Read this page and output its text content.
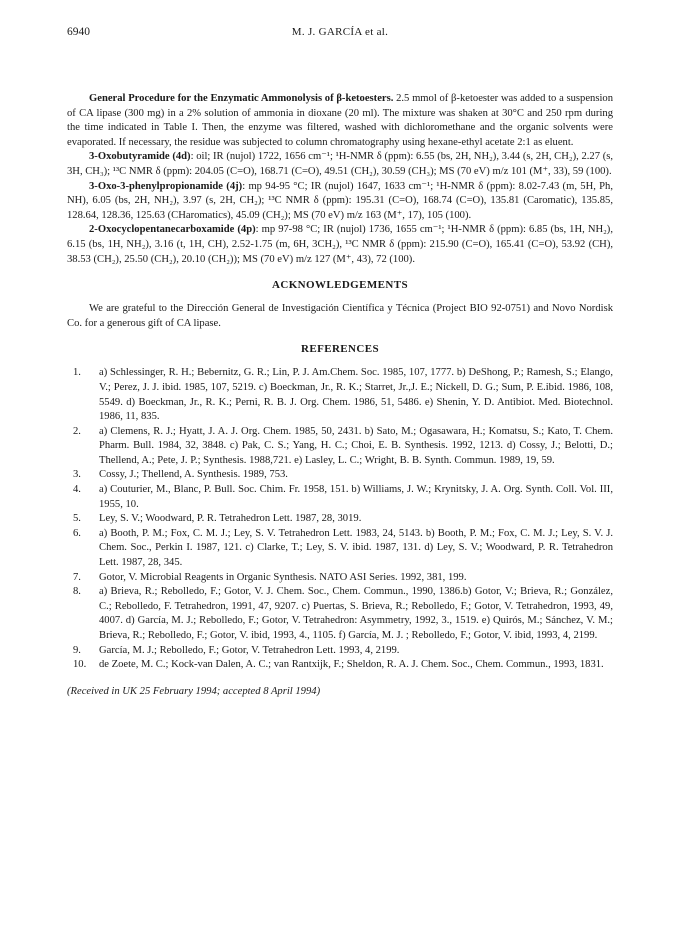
6940	M. J. GARCÍA et al.

General Procedure for the Enzymatic Ammonolysis of β-ketoesters. 2.5 mmol of β-ketoester was added to a suspension of CA lipase (300 mg) in a 2% solution of ammonia in dioxane (20 ml). The mixture was shaken at 30°C and 250 rpm during the time indicated in Table I. Then, the enzyme was filtered, washed with dichloromethane and the organic solvents were evaporated. If necessary, the residue was subjected to column chromatography using hexane-ethyl acetate 2:1 as eluent.

3-Oxobutyramide (4d): oil; IR (nujol) 1722, 1656 cm⁻¹; ¹H-NMR δ (ppm): 6.55 (bs, 2H, NH₂), 3.44 (s, 2H, CH₂), 2.27 (s, 3H, CH₃); ¹³C NMR δ (ppm): 204.05 (C=O), 168.71 (C=O), 49.51 (CH₂), 30.59 (CH₃); MS (70 eV) m/z 101 (M⁺, 33), 59 (100).

3-Oxo-3-phenylpropionamide (4j): mp 94-95 °C; IR (nujol) 1647, 1633 cm⁻¹; ¹H-NMR δ (ppm): 8.02-7.43 (m, 5H, Ph, NH), 6.05 (bs, 2H, NH₂), 3.97 (s, 2H, CH₂); ¹³C NMR δ (ppm): 195.31 (C=O), 168.74 (C=O), 135.81 (Caromatic), 135.85, 128.64, 128.36, 125.63 (CHaromatics), 45.09 (CH₂); MS (70 eV) m/z 163 (M⁺, 17), 105 (100).

2-Oxocyclopentanecarboxamide (4p): mp 97-98 °C; IR (nujol) 1736, 1655 cm⁻¹; ¹H-NMR δ (ppm): 6.85 (bs, 1H, NH₂), 6.15 (bs, 1H, NH₂), 3.16 (t, 1H, CH), 2.52-1.75 (m, 6H, 3CH₂), ¹³C NMR δ (ppm): 215.90 (C=O), 165.41 (C=O), 53.92 (CH), 38.53 (CH₂), 25.50 (CH₂), 20.10 (CH₂)); MS (70 eV) m/z 127 (M⁺, 43), 72 (100).

ACKNOWLEDGEMENTS

We are grateful to the Dirección General de Investigación Científica y Técnica (Project BIO 92-0751) and Novo Nordisk Co. for a generous gift of CA lipase.

REFERENCES
1.	a) Schlessinger, R. H.; Bebernitz, G. R.; Lin, P. J. Am.Chem. Soc. 1985, 107, 1777. b) DeShong, P.; Ramesh, S.; Elango, V.; Perez, J. J. ibid. 1985, 107, 5219. c) Boeckman, Jr., R. K.; Starret, Jr.,J. E.; Nickell, D. G.; Sum, P. E.ibid. 1986, 108, 5549. d) Boeckman, Jr., R. K.; Perni, R. B. J. Org. Chem. 1986, 51, 5486. e) Shenin, Y. D. Antibiot. Med. Biotechnol. 1986, 11, 835.
2.	a) Clemens, R. J.; Hyatt, J. A. J. Org. Chem. 1985, 50, 2431. b) Sato, M.; Ogasawara, H.; Komatsu, S.; Kato, T. Chem. Pharm. Bull. 1984, 32, 3848. c) Pak, C. S.; Yang, H. C.; Choi, E. B. Synthesis. 1992, 1213. d) Cossy, J.; Belotti, D.; Thellend, A.; Pete, J. P.; Synthesis. 1988,721. e) Lasley, L. C.; Wright, B. B. Synth. Commun. 1989, 19, 59.
3.	Cossy, J.; Thellend, A. Synthesis. 1989, 753.
4.	a) Couturier, M., Blanc, P. Bull. Soc. Chim. Fr. 1958, 151. b) Williams, J. W.; Krynitsky, J. A. Org. Synth. Coll. Vol. III, 1955, 10.
5.	Ley, S. V.; Woodward, P. R. Tetrahedron Lett. 1987, 28, 3019.
6.	a) Booth, P. M.; Fox, C. M. J.; Ley, S. V. Tetrahedron Lett. 1983, 24, 5143. b) Booth, P. M.; Fox, C. M. J.; Ley, S. V. J. Chem. Soc., Perkin I. 1987, 121. c) Clarke, T.; Ley, S. V. ibid. 1987, 131. d) Ley, S. V.; Woodward, P. R. Tetrahedron Lett. 1987, 28, 345.
7.	Gotor, V. Microbial Reagents in Organic Synthesis. NATO ASI Series. 1992, 381, 199.
8.	a) Brieva, R.; Rebolledo, F.; Gotor, V. J. Chem. Soc., Chem. Commun., 1990, 1386.b) Gotor, V.; Brieva, R.; González, C.; Rebolledo, F. Tetrahedron, 1991, 47, 9207. c) Puertas, S. Brieva, R.; Rebolledo, F.; Gotor, V. Tetrahedron, 1993, 49, 4007. d) García, M. J.; Rebolledo, F.; Gotor, V. Tetrahedron: Asymmetry, 1992, 3., 1519. e) Quirós, M.; Sánchez, V. M.; Brieva, R.; Rebolledo, F.; Gotor, V. ibid, 1993, 4., 1105. f) García, M. J. ; Rebolledo, F.; Gotor, V. ibid, 1993, 4, 2199.
9.	García, M. J.; Rebolledo, F.; Gotor, V. Tetrahedron Lett. 1993, 4, 2199.
10.	de Zoete, M. C.; Kock-van Dalen, A. C.; van Rantxijk, F.; Sheldon, R. A. J. Chem. Soc., Chem. Commun., 1993, 1831.
(Received in UK 25 February 1994; accepted 8 April 1994)
